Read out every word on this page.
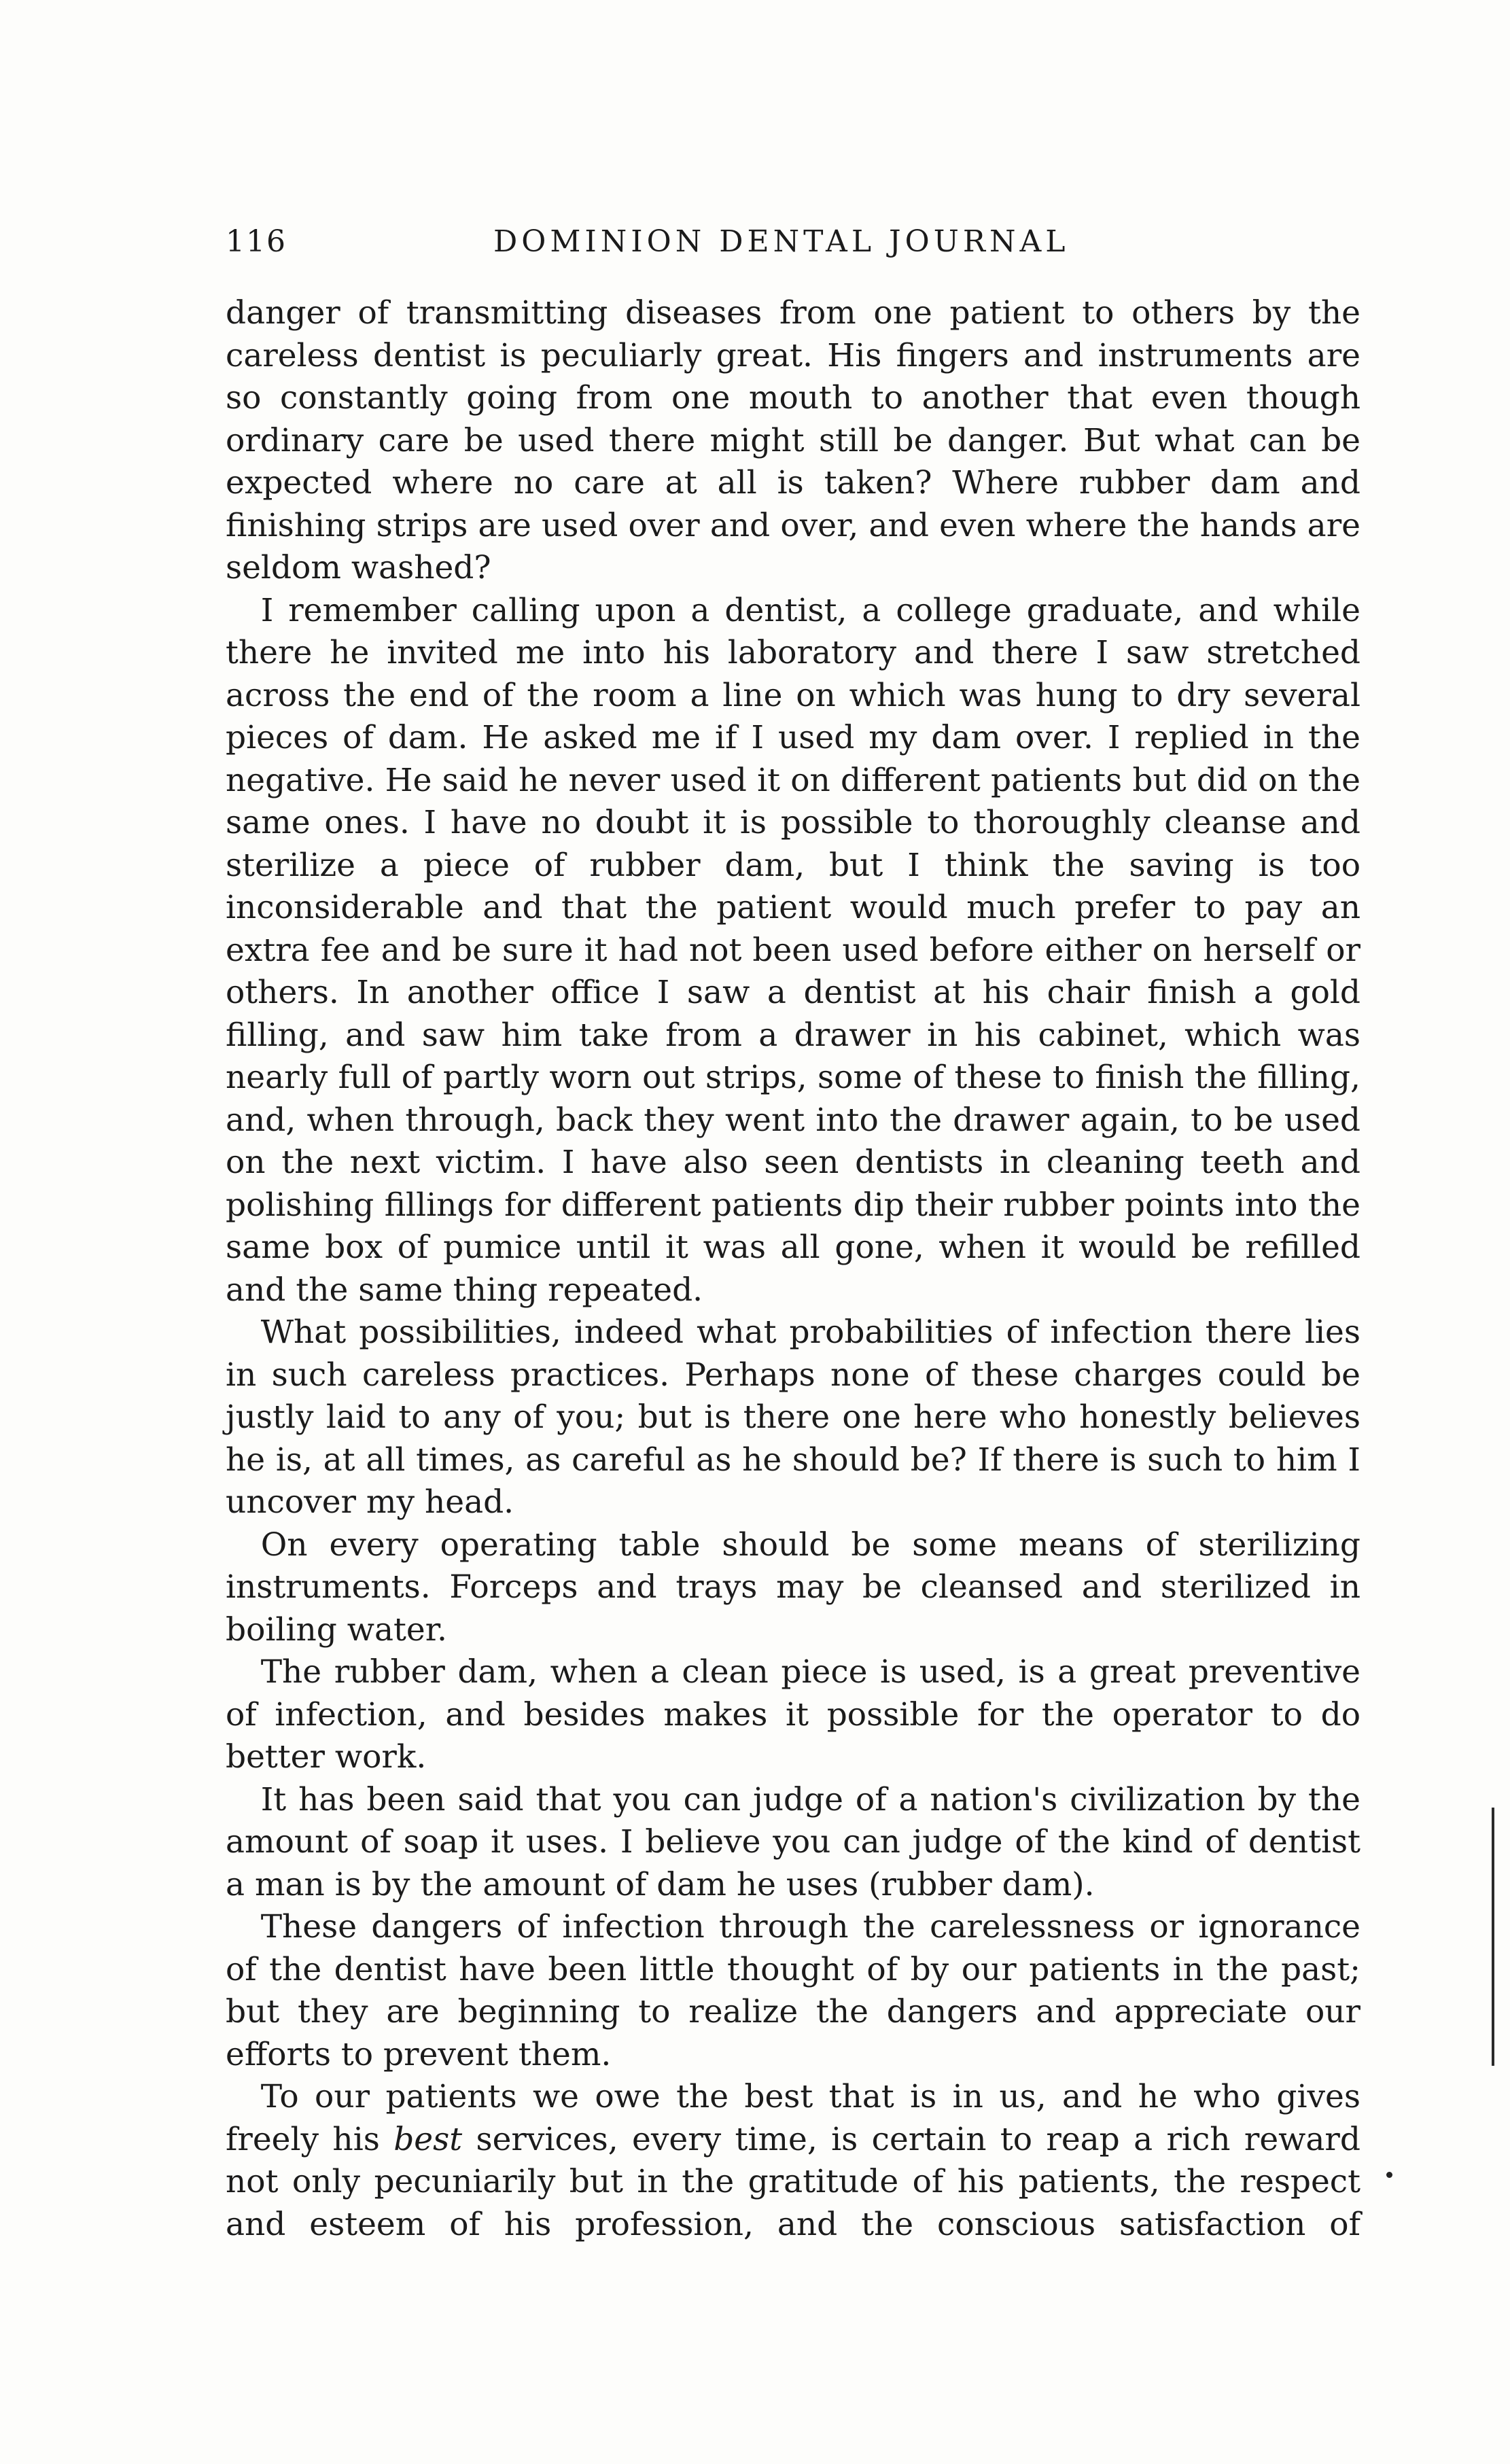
116	DOMINION DENTAL JOURNAL

danger of transmitting diseases from one patient to others by the careless dentist is peculiarly great. His fingers and instruments are so constantly going from one mouth to another that even though ordinary care be used there might still be danger. But what can be expected where no care at all is taken? Where rubber dam and finishing strips are used over and over, and even where the hands are seldom washed?

I remember calling upon a dentist, a college graduate, and while there he invited me into his laboratory and there I saw stretched across the end of the room a line on which was hung to dry several pieces of dam. He asked me if I used my dam over. I replied in the negative. He said he never used it on different patients but did on the same ones. I have no doubt it is possible to thoroughly cleanse and sterilize a piece of rubber dam, but I think the saving is too inconsiderable and that the patient would much prefer to pay an extra fee and be sure it had not been used before either on herself or others. In another office I saw a dentist at his chair finish a gold filling, and saw him take from a drawer in his cabinet, which was nearly full of partly worn out strips, some of these to finish the filling, and, when through, back they went into the drawer again, to be used on the next victim. I have also seen dentists in cleaning teeth and polishing fillings for different patients dip their rubber points into the same box of pumice until it was all gone, when it would be refilled and the same thing repeated.

What possibilities, indeed what probabilities of infection there lies in such careless practices. Perhaps none of these charges could be justly laid to any of you; but is there one here who honestly believes he is, at all times, as careful as he should be? If there is such to him I uncover my head.

On every operating table should be some means of sterilizing instruments. Forceps and trays may be cleansed and sterilized in boiling water.

The rubber dam, when a clean piece is used, is a great preventive of infection, and besides makes it possible for the operator to do better work.

It has been said that you can judge of a nation's civilization by the amount of soap it uses. I believe you can judge of the kind of dentist a man is by the amount of dam he uses (rubber dam).

These dangers of infection through the carelessness or ignorance of the dentist have been little thought of by our patients in the past; but they are beginning to realize the dangers and appreciate our efforts to prevent them.

To our patients we owe the best that is in us, and he who gives freely his best services, every time, is certain to reap a rich reward not only pecuniarily but in the gratitude of his patients, the respect and esteem of his profession, and the conscious satisfaction of
